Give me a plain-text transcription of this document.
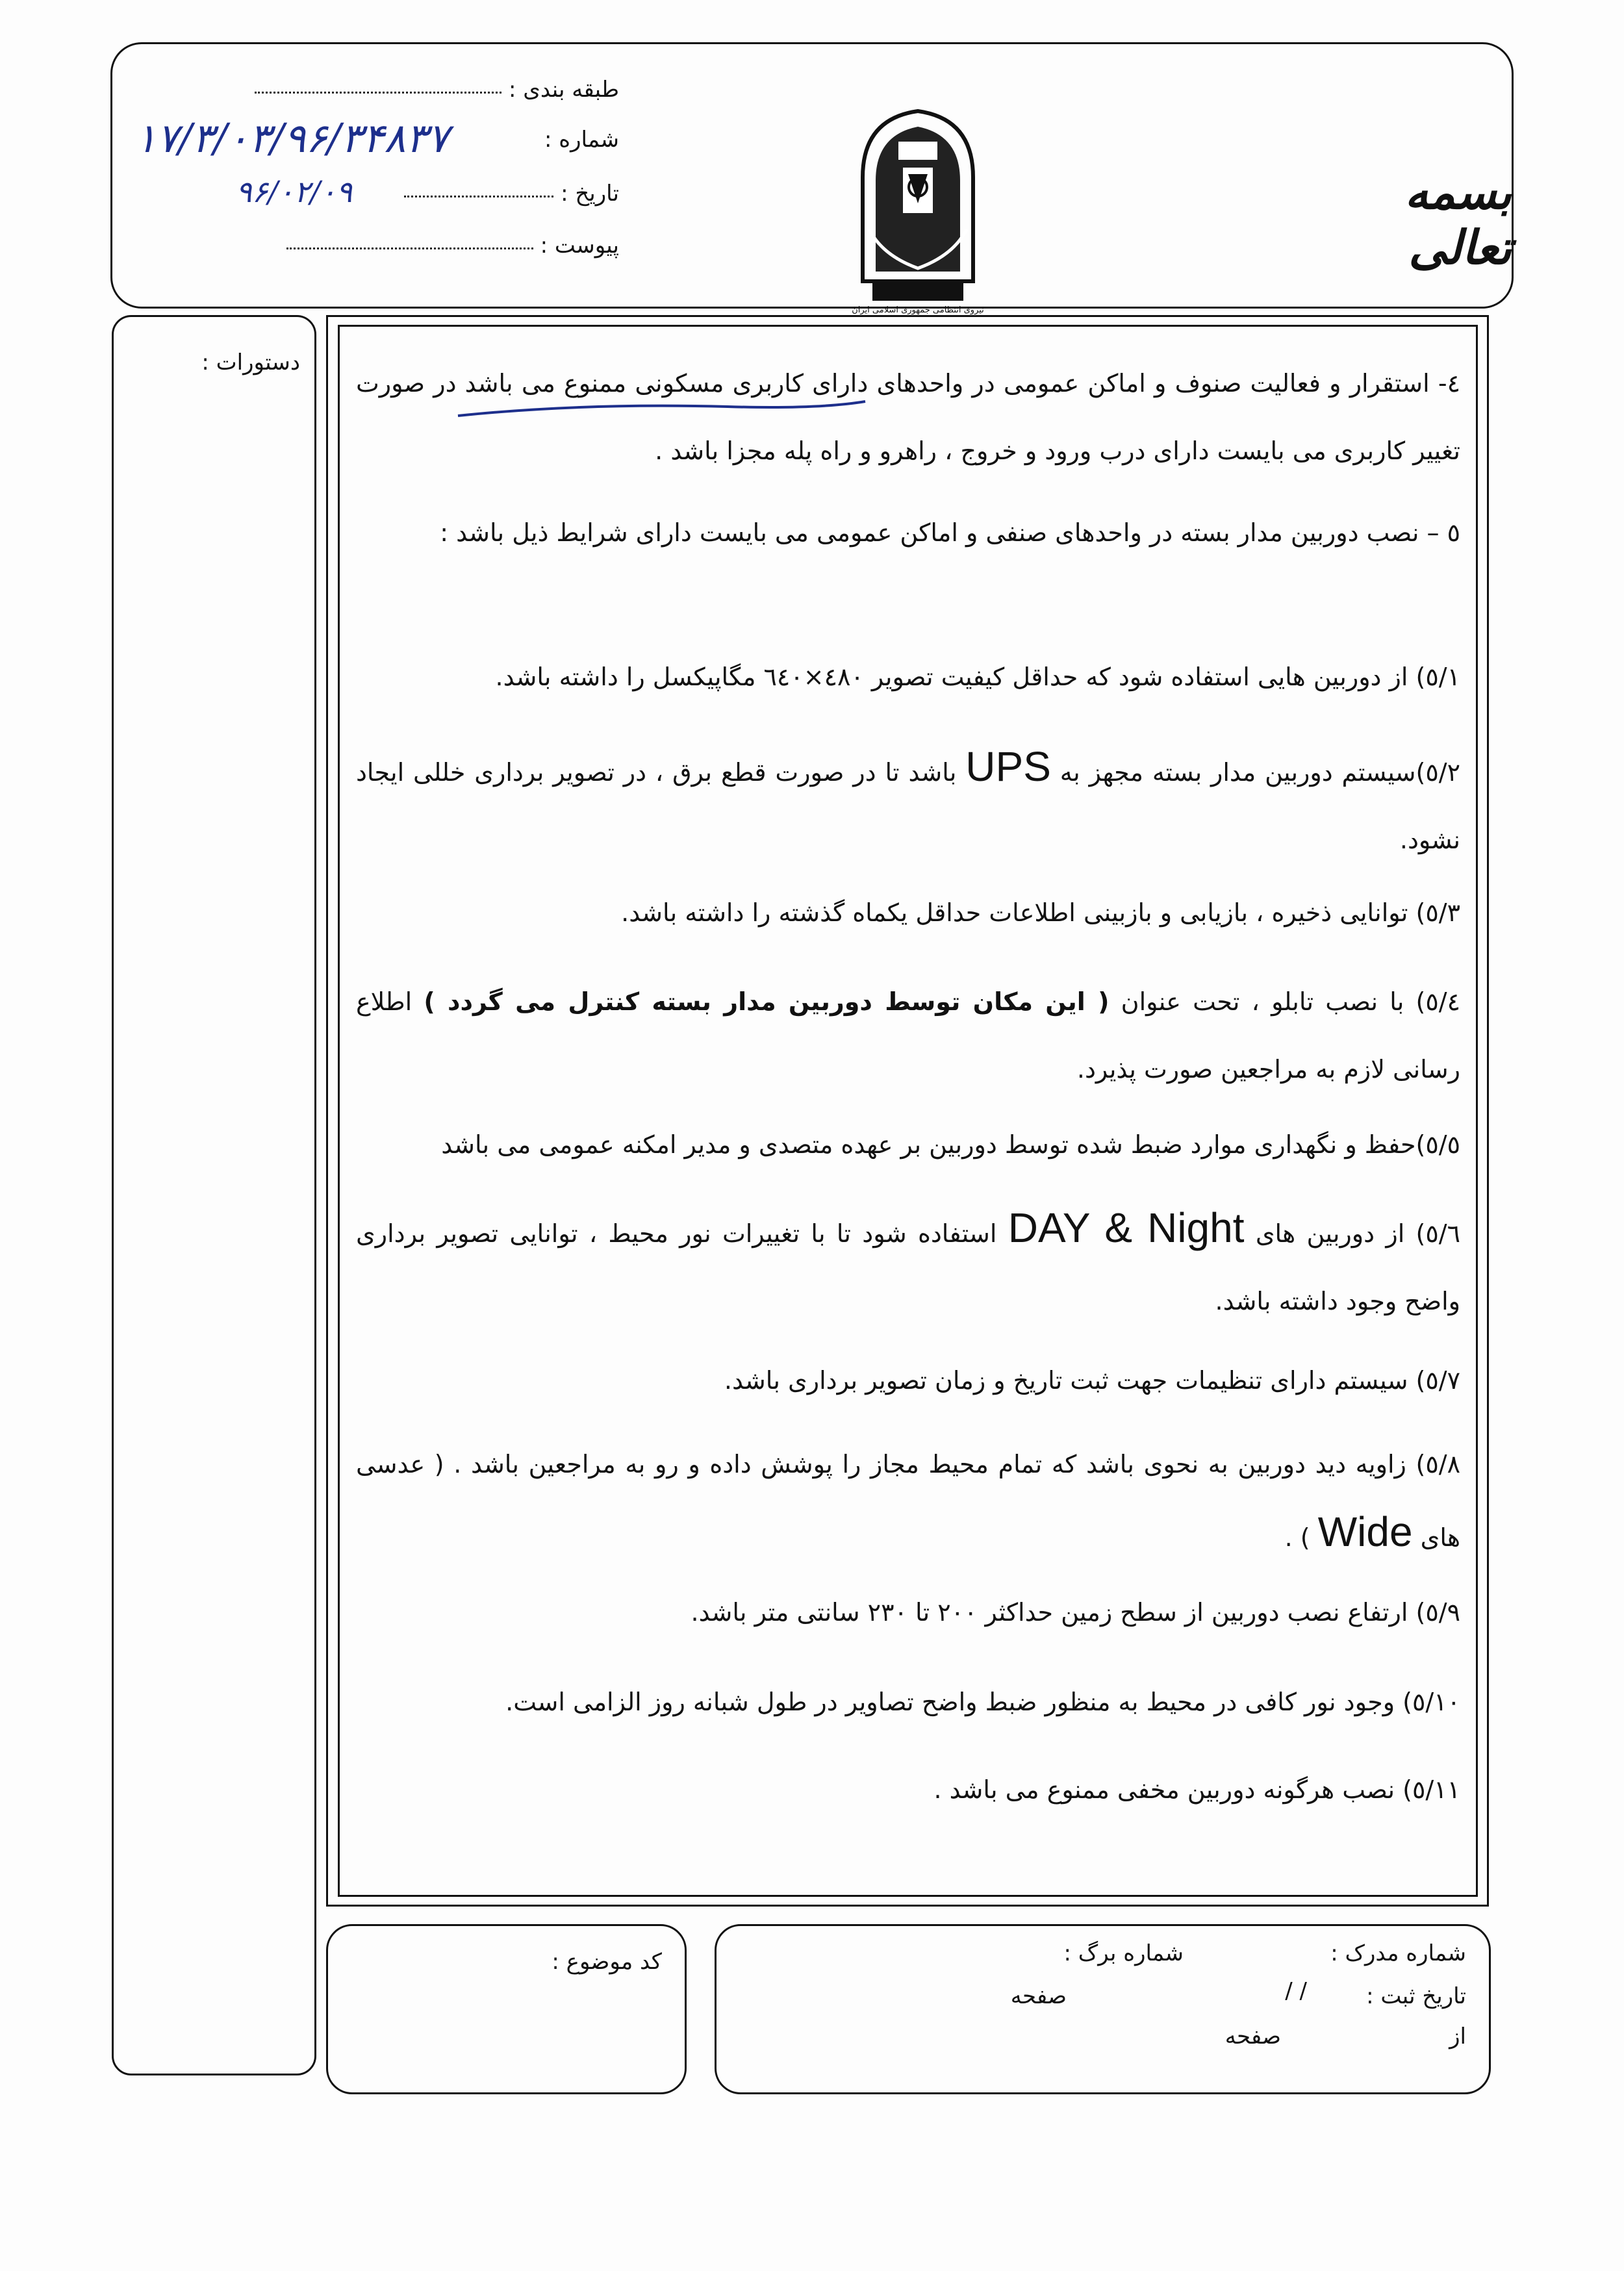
بسمه تعالی
نیروی انتظامی جمهوری اسلامی ایران
طبقه بندی :
شماره :
۱۷/۳/۰۳/۹۶/۳۴۸۳۷
تاریخ :
۹۶/۰۲/۰۹
پیوست :
دستورات :
٤- استقرار و فعالیت صنوف و اماکن عمومی در واحدهای دارای کاربری مسکونی ممنوع می باشد در صورت تغییر کاربری می بایست دارای درب ورود و خروج ، راهرو و راه پله مجزا باشد .
٥ – نصب دوربین مدار بسته در واحدهای صنفی و اماکن عمومی می بایست دارای شرایط ذیل باشد :
٥/١) از دوربین هایی استفاده شود که حداقل کیفیت تصویر ٤٨٠×٦٤٠ مگاپیکسل را داشته باشد.
٥/٢)سیستم دوربین مدار بسته مجهز به UPS باشد تا در صورت قطع برق ، در تصویر برداری خللی ایجاد نشود.
٥/٣) توانایی ذخیره ، بازیابی و بازبینی اطلاعات حداقل یکماه گذشته را داشته باشد.
٥/٤) با نصب تابلو ، تحت عنوان ( این مکان توسط دوربین مدار بسته کنترل می گردد ) اطلاع رسانی لازم به مراجعین صورت پذیرد.
٥/٥)حفظ و نگهداری موارد ضبط شده توسط دوربین بر عهده متصدی و مدیر امکنه عمومی می باشد
٥/٦) از دوربین های DAY & Night استفاده شود تا با تغییرات نور محیط ، توانایی تصویر برداری واضح وجود داشته باشد.
٥/٧) سیستم دارای تنظیمات جهت ثبت تاریخ و زمان تصویر برداری باشد.
٥/٨) زاویه دید دوربین به نحوی باشد که تمام محیط مجاز را پوشش داده و رو به مراجعین باشد . ( عدسی های Wide ) .
٥/٩) ارتفاع نصب دوربین از سطح زمین حداکثر ٢٠٠ تا ٢٣٠ سانتی متر باشد.
٥/١٠) وجود نور کافی در محیط به منظور ضبط واضح تصاویر در طول شبانه روز الزامی است.
٥/١١) نصب هرگونه دوربین مخفی ممنوع می باشد .
کد موضوع :	شماره مدرک :
شماره برگ :
تاریخ ثبت :
/ /
صفحه
از
صفحه
